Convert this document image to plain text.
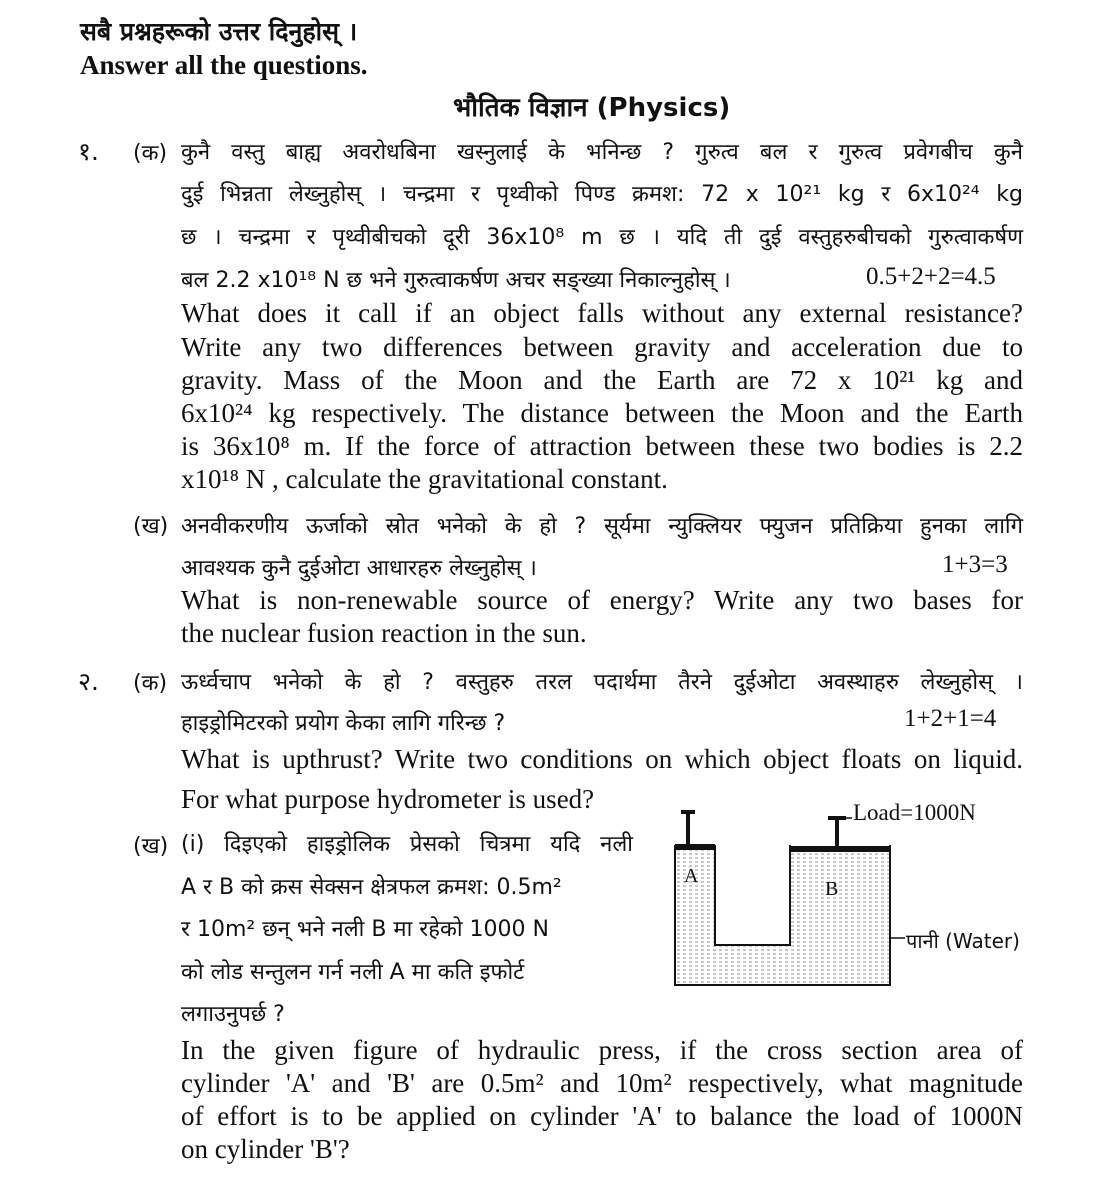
सबै प्रश्नहरूको उत्तर दिनुहोस् ।
Answer all the questions.
भौतिक विज्ञान (Physics)
१. (क) कुनै वस्तु बाह्य अवरोधबिना खस्नुलाई के भनिन्छ ? गुरुत्व बल र गुरुत्व प्रवेगबीच कुनै
दुई भिन्नता लेख्नुहोस् । चन्द्रमा र पृथ्वीको पिण्ड क्रमश: 72 x 10²¹ kg र 6x10²⁴ kg
छ । चन्द्रमा र पृथ्वीबीचको दूरी 36x10⁸ m छ । यदि ती दुई वस्तुहरुबीचको गुरुत्वाकर्षण
बल 2.2 x10¹⁸ N छ भने गुरुत्वाकर्षण अचर सङ्ख्या निकाल्नुहोस् ।	0.5+2+2=4.5
What does it call if an object falls without any external resistance?
Write any two differences between gravity and acceleration due to
gravity. Mass of the Moon and the Earth are 72 x 10²¹ kg and
6x10²⁴ kg respectively. The distance between the Moon and the Earth
is 36x10⁸ m. If the force of attraction between these two bodies is 2.2
x10¹⁸ N , calculate the gravitational constant.
(ख) अनवीकरणीय ऊर्जाको स्रोत भनेको के हो ? सूर्यमा न्युक्लियर फ्युजन प्रतिक्रिया हुनका लागि
आवश्यक कुनै दुईओटा आधारहरु लेख्नुहोस् ।	1+3=3
What is non-renewable source of energy? Write any two bases for
the nuclear fusion reaction in the sun.
२. (क) ऊर्ध्वचाप भनेको के हो ? वस्तुहरु तरल पदार्थमा तैरने दुईओटा अवस्थाहरु लेख्नुहोस् ।
हाइड्रोमिटरको प्रयोग केका लागि गरिन्छ ?	1+2+1=4
What is upthrust? Write two conditions on which object floats on liquid.
For what purpose hydrometer is used?
(ख) (i) दिइएको हाइड्रोलिक प्रेसको चित्रमा यदि नली
A र B को क्रस सेक्सन क्षेत्रफल क्रमश: 0.5m²
र 10m² छन् भने नली B मा रहेको 1000 N
को लोड सन्तुलन गर्न नली A मा कति इफोर्ट
लगाउनुपर्छ ?
In the given figure of hydraulic press, if the cross section area of
cylinder 'A' and 'B' are 0.5m² and 10m² respectively, what magnitude
of effort is to be applied on cylinder 'A' to balance the load of 1000N
on cylinder 'B'?
A
B
Load=1000N
पानी (Water)
